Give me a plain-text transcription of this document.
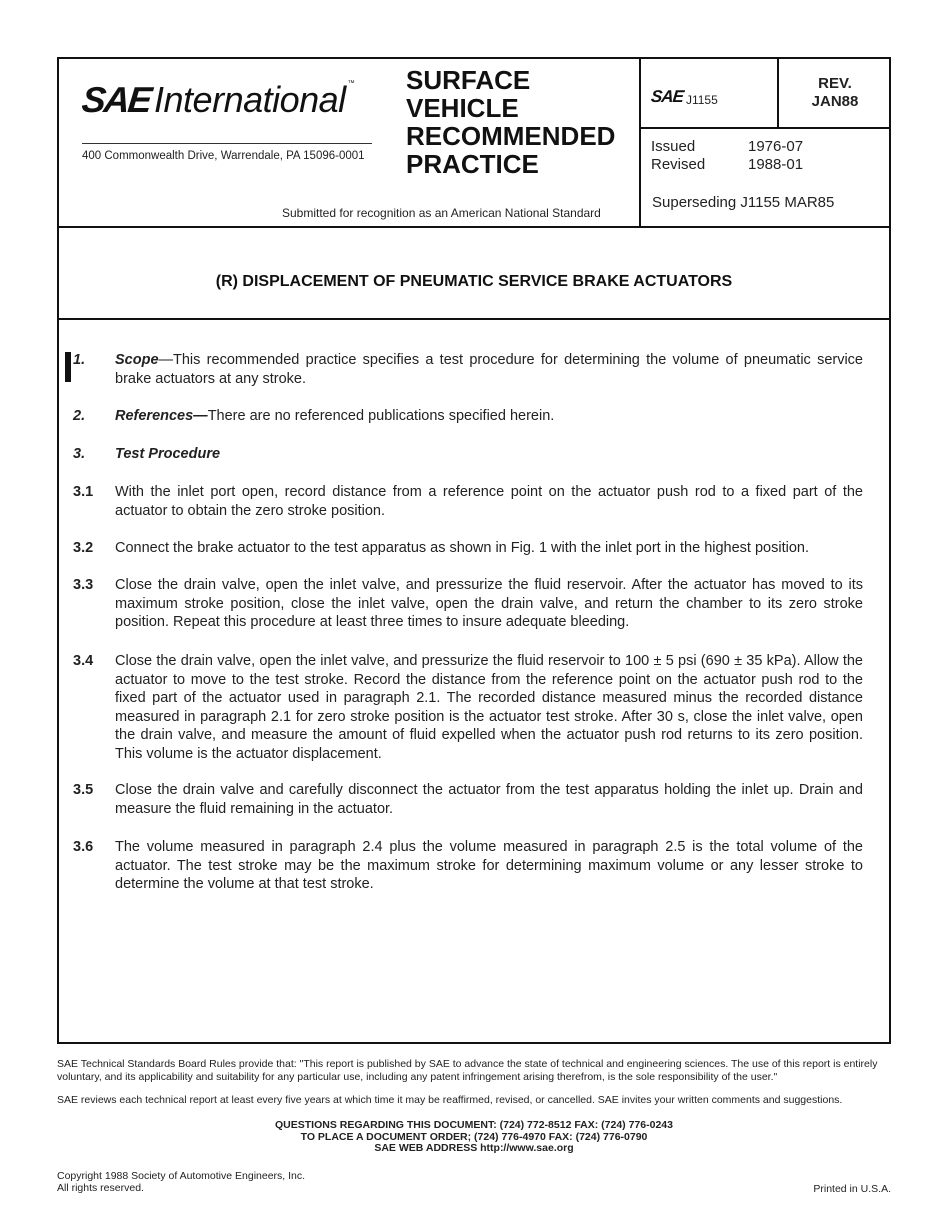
SAE International ™
400 Commonwealth Drive, Warrendale, PA 15096-0001
SURFACE
VEHICLE
RECOMMENDED
PRACTICE
Submitted for recognition as an American National Standard
SAE J1155
REV.
JAN88
Issued	1976-07
Revised	1988-01
Superseding J1155 MAR85
(R) DISPLACEMENT OF PNEUMATIC SERVICE BRAKE ACTUATORS
1.	Scope—This recommended practice specifies a test procedure for determining the volume of pneumatic service brake actuators at any stroke.
2.	References—There are no referenced publications specified herein.
3.	Test Procedure
3.1	With the inlet port open, record distance from a reference point on the actuator push rod to a fixed part of the actuator to obtain the zero stroke position.
3.2	Connect the brake actuator to the test apparatus as shown in Fig. 1 with the inlet port in the highest position.
3.3	Close the drain valve, open the inlet valve, and pressurize the fluid reservoir. After the actuator has moved to its maximum stroke position, close the inlet valve, open the drain valve, and return the chamber to its zero stroke position. Repeat this procedure at least three times to insure adequate bleeding.
3.4	Close the drain valve, open the inlet valve, and pressurize the fluid reservoir to 100 ± 5 psi (690 ± 35 kPa). Allow the actuator to move to the test stroke. Record the distance from the reference point on the actuator push rod to the fixed part of the actuator used in paragraph 2.1. The recorded distance measured minus the recorded distance measured in paragraph 2.1 for zero stroke position is the actuator test stroke. After 30 s, close the inlet valve, open the drain valve, and measure the amount of fluid expelled when the actuator push rod returns to its zero position. This volume is the actuator displacement.
3.5	Close the drain valve and carefully disconnect the actuator from the test apparatus holding the inlet up. Drain and measure the fluid remaining in the actuator.
3.6	The volume measured in paragraph 2.4 plus the volume measured in paragraph 2.5 is the total volume of the actuator. The test stroke may be the maximum stroke for determining maximum volume or any lesser stroke to determine the volume at that test stroke.
SAE Technical Standards Board Rules provide that: "This report is published by SAE to advance the state of technical and engineering sciences. The use of this report is entirely voluntary, and its applicability and suitability for any particular use, including any patent infringement arising therefrom, is the sole responsibility of the user."
SAE reviews each technical report at least every five years at which time it may be reaffirmed, revised, or cancelled. SAE invites your written comments and suggestions.
QUESTIONS REGARDING THIS DOCUMENT: (724) 772-8512 FAX: (724) 776-0243
TO PLACE A DOCUMENT ORDER; (724) 776-4970 FAX: (724) 776-0790
SAE WEB ADDRESS http://www.sae.org
Copyright 1988 Society of Automotive Engineers, Inc.
All rights reserved.	Printed in U.S.A.
